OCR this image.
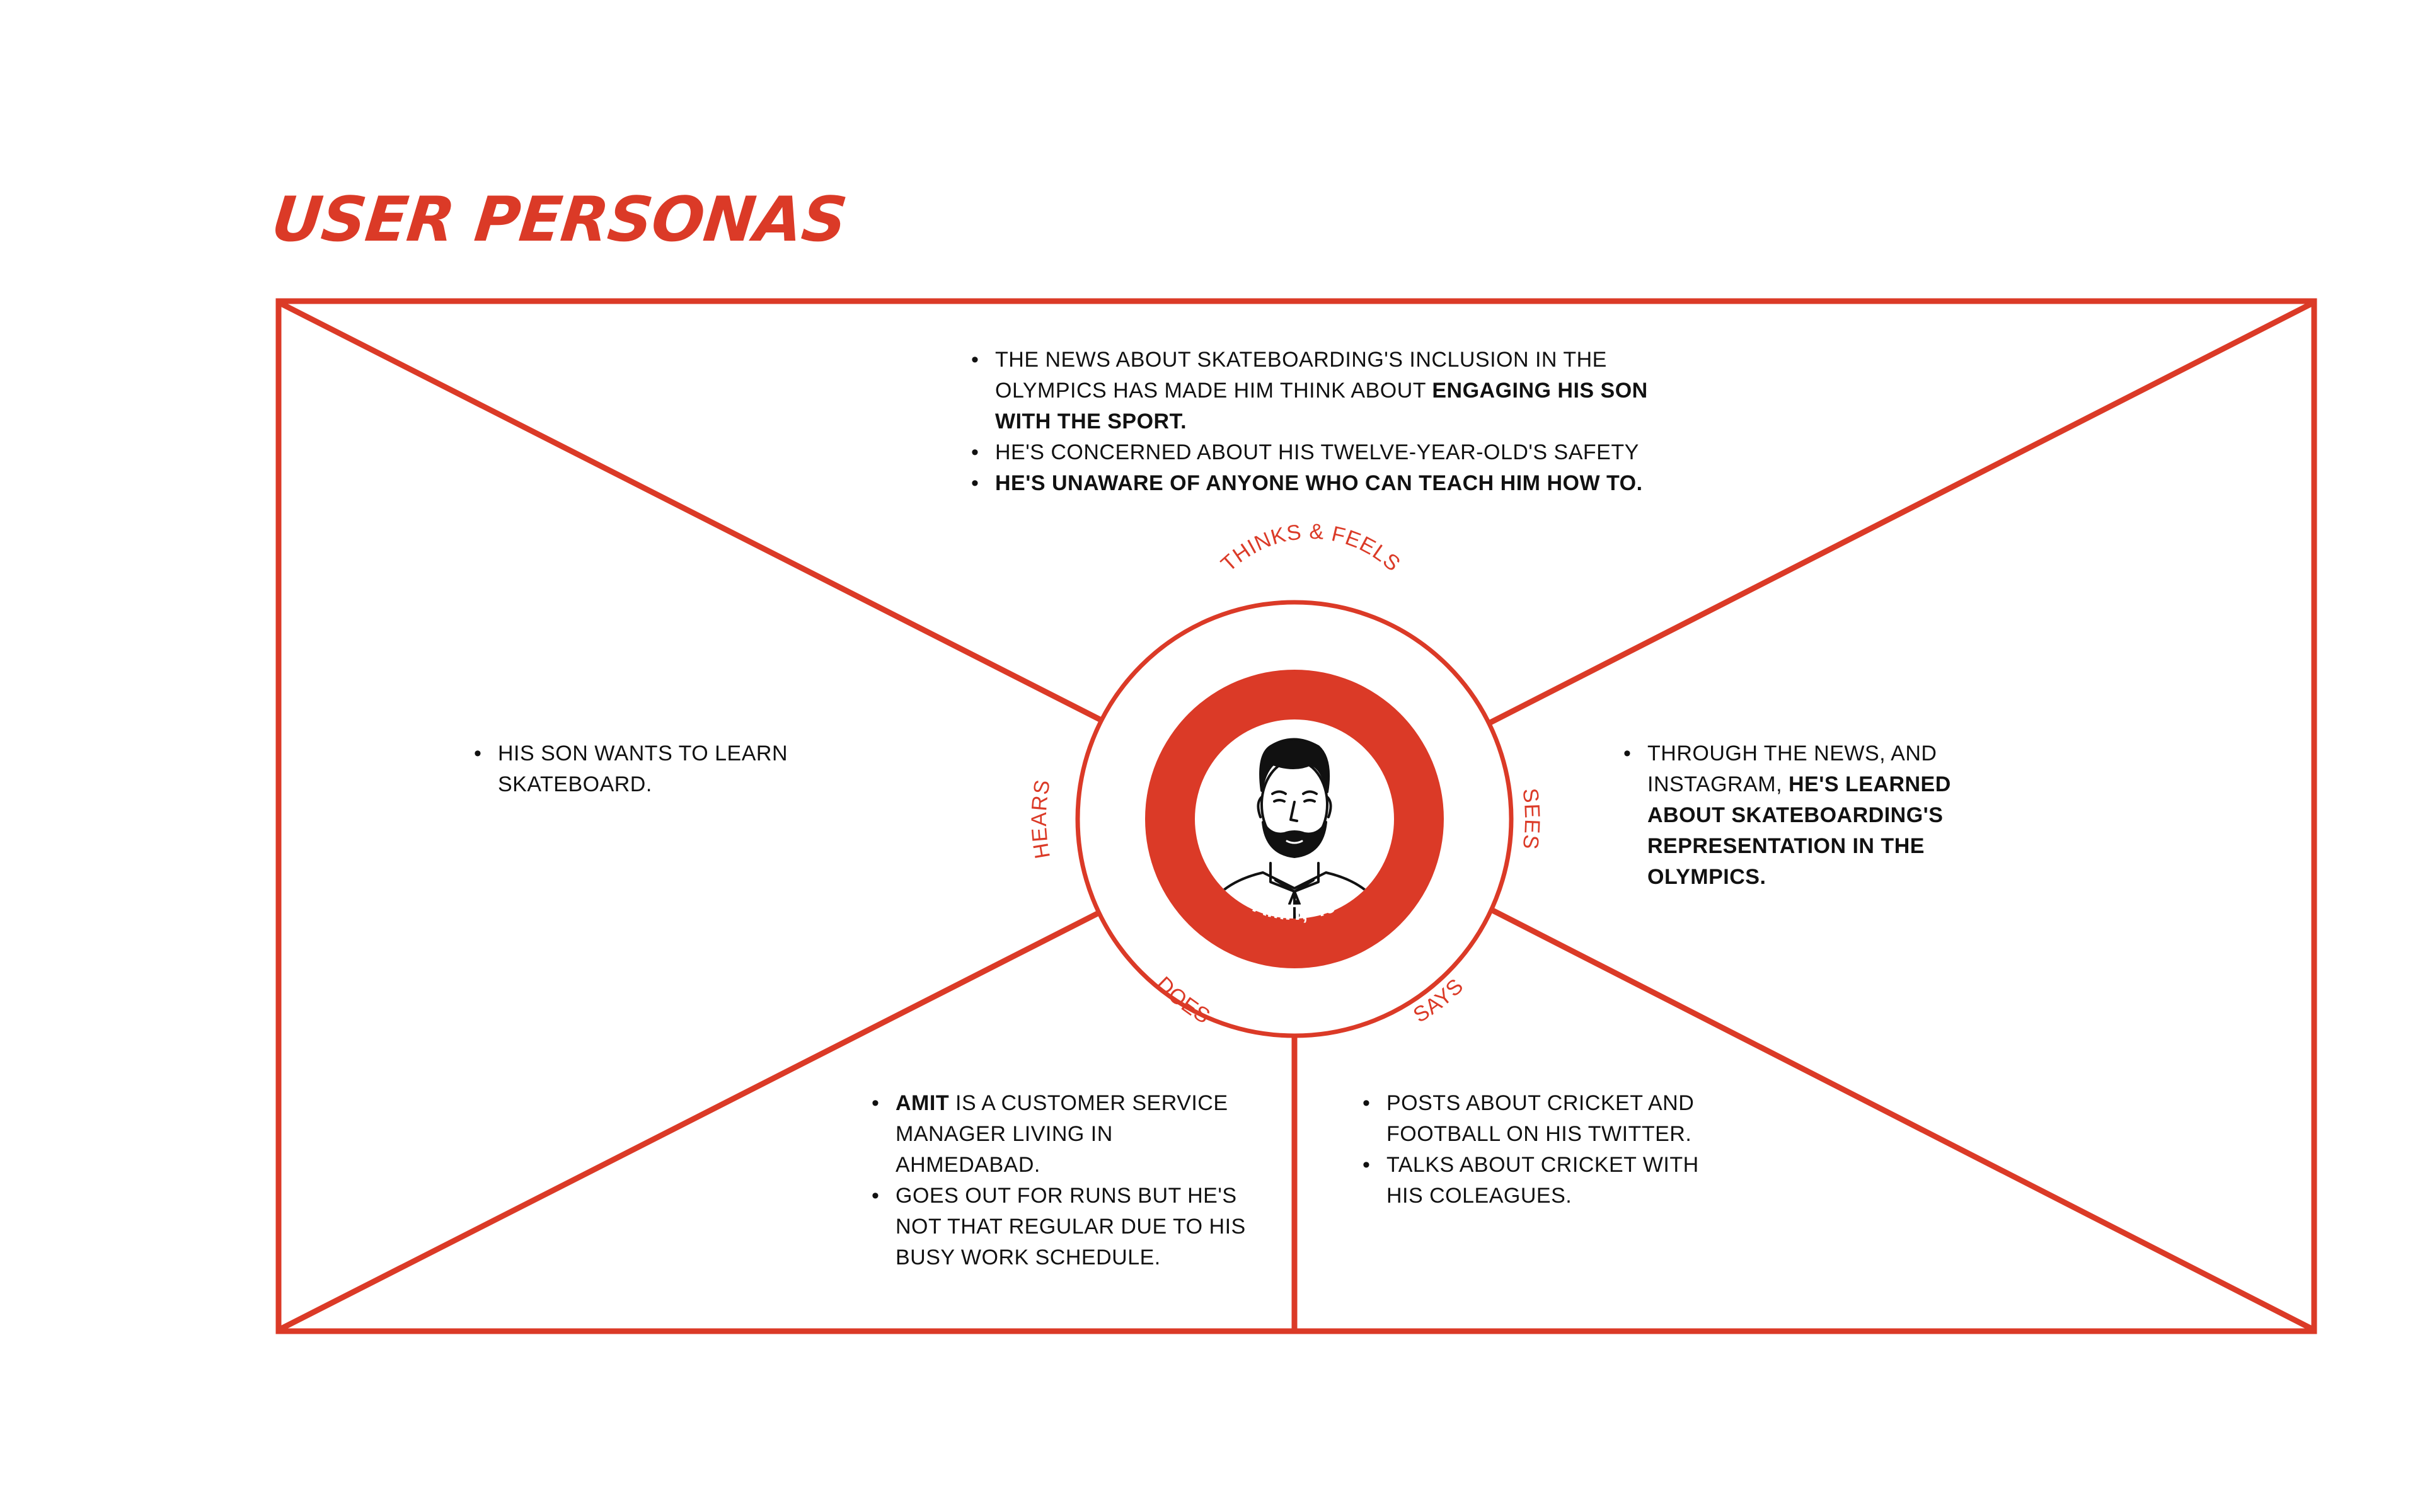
USER PERSONAS
THINKS & FEELS
HEARS	SEES
DOES	SAYS
AMIT, 40
• THE NEWS ABOUT SKATEBOARDING'S INCLUSION IN THE OLYMPICS HAS MADE HIM THINK ABOUT ENGAGING HIS SON WITH THE SPORT.
• HE'S CONCERNED ABOUT HIS TWELVE-YEAR-OLD'S SAFETY
• HE'S UNAWARE OF ANYONE WHO CAN TEACH HIM HOW TO.
• HIS SON WANTS TO LEARN SKATEBOARD.
• THROUGH THE NEWS, AND INSTAGRAM, HE'S LEARNED ABOUT SKATEBOARDING'S REPRESENTATION IN THE OLYMPICS.
• AMIT IS A CUSTOMER SERVICE MANAGER LIVING IN AHMEDABAD.
• GOES OUT FOR RUNS BUT HE'S NOT THAT REGULAR DUE TO HIS BUSY WORK SCHEDULE.
• POSTS ABOUT CRICKET AND FOOTBALL ON HIS TWITTER.
• TALKS ABOUT CRICKET WITH HIS COLEAGUES.
